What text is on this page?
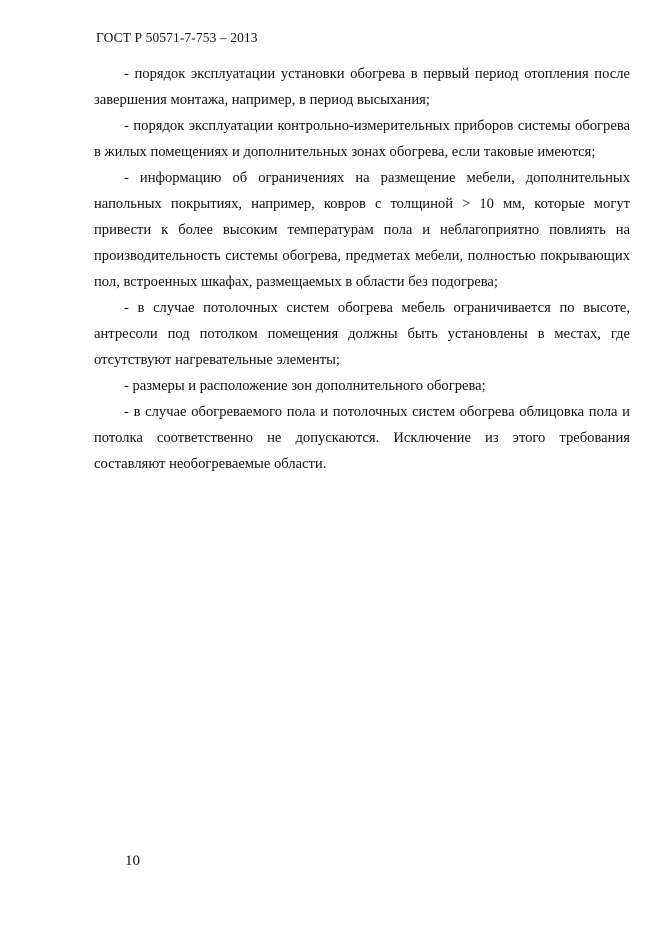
ГОСТ Р 50571-7-753 – 2013

- порядок эксплуатации установки обогрева в первый период отопления после завершения монтажа, например, в период высыхания;

- порядок эксплуатации контрольно-измерительных приборов системы обогрева в жилых помещениях и дополнительных зонах обогрева, если таковые имеются;

- информацию об ограничениях на размещение мебели, дополнительных напольных покрытиях, например, ковров с толщиной > 10 мм, которые могут привести к более высоким температурам пола и неблагоприятно повлиять на производительность системы обогрева, предметах мебели, полностью покрывающих пол, встроенных шкафах, размещаемых в области без подогрева;

- в случае потолочных систем обогрева мебель ограничивается по высоте, антресоли под потолком помещения должны быть установлены в местах, где отсутствуют нагревательные элементы;

- размеры и расположение зон дополнительного обогрева;

- в случае обогреваемого пола и потолочных систем обогрева облицовка пола и потолка соответственно не допускаются. Исключение из этого требования составляют необогреваемые области.

10
